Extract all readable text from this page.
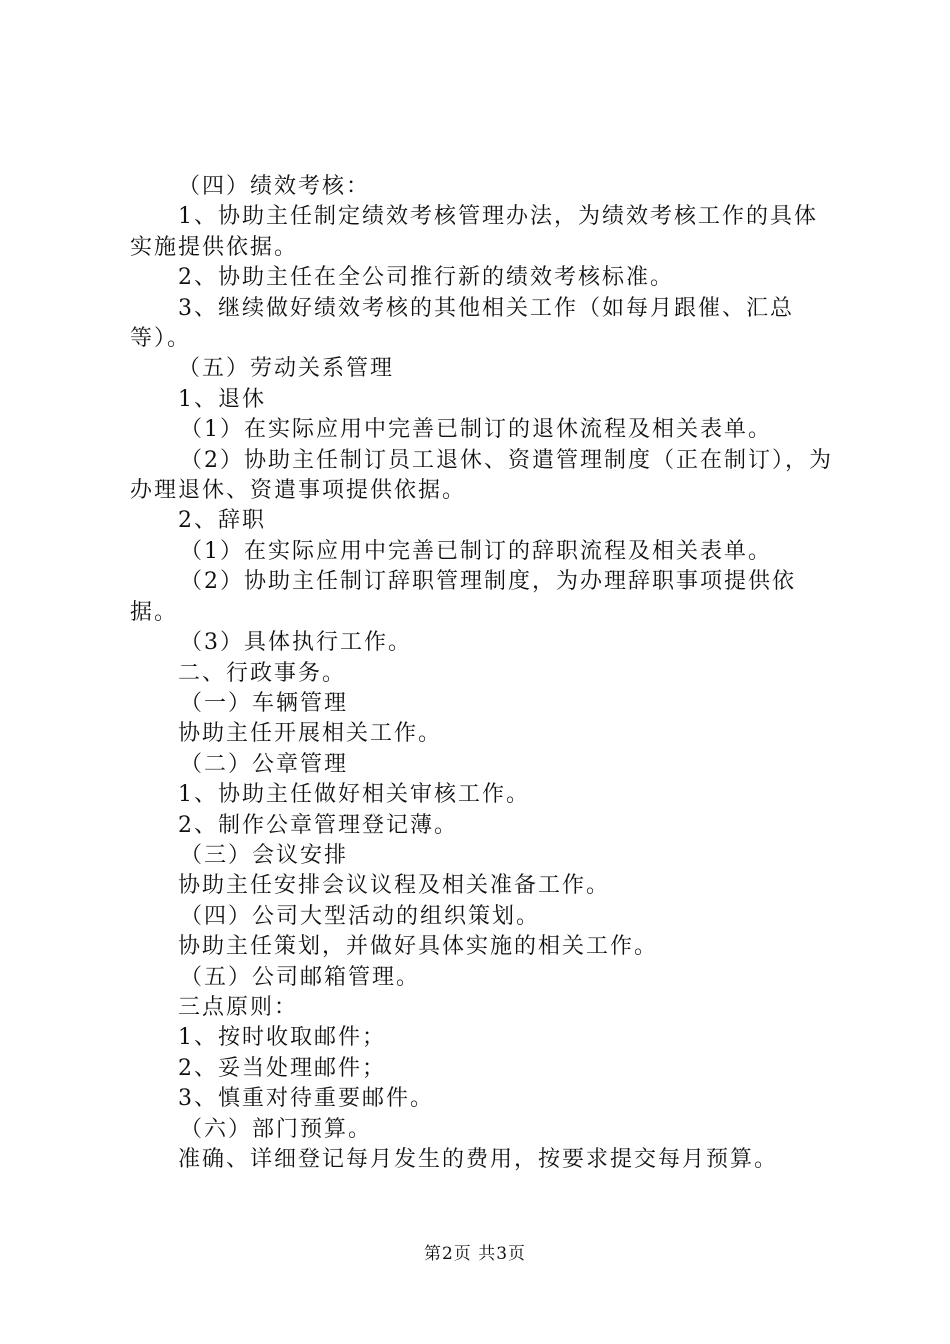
（四）绩效考核：

1、协助主任制定绩效考核管理办法，为绩效考核工作的具体实施提供依据。

2、协助主任在全公司推行新的绩效考核标准。

3、继续做好绩效考核的其他相关工作（如每月跟催、汇总等）。

（五）劳动关系管理

1、退休

（1）在实际应用中完善已制订的退休流程及相关表单。

（2）协助主任制订员工退休、资遣管理制度（正在制订），为办理退休、资遣事项提供依据。

2、辞职

（1）在实际应用中完善已制订的辞职流程及相关表单。

（2）协助主任制订辞职管理制度，为办理辞职事项提供依据。

（3）具体执行工作。

二、行政事务。

（一）车辆管理

协助主任开展相关工作。

（二）公章管理

1、协助主任做好相关审核工作。

2、制作公章管理登记薄。

（三）会议安排

协助主任安排会议议程及相关准备工作。

（四）公司大型活动的组织策划。

协助主任策划，并做好具体实施的相关工作。

（五）公司邮箱管理。

三点原则：

1、按时收取邮件；

2、妥当处理邮件；

3、慎重对待重要邮件。

（六）部门预算。

准确、详细登记每月发生的费用，按要求提交每月预算。

第2页 共3页
